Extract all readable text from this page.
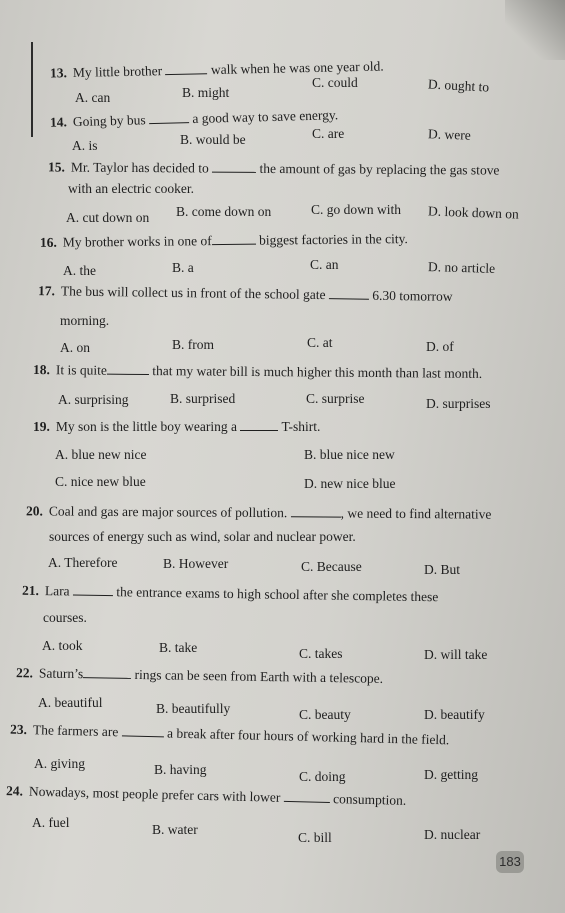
13. My little brother	walk when he was one year old.
A. can	B. might
C. could	D. ought to
14. Going by bus	a good way to save energy.
A. is	B. would be	C. are	D. were
15. Mr. Taylor has decided to	the amount of gas by replacing the gas stove
with an electric cooker.
A. cut down on B. come down on	C. go down with D. look down on
16. My brother works in one of	biggest factories in the city.
A. the	B. a	C. an	D. no article
17. The bus will collect us in front of the school gate	6.30 tomorrow
morning.
A. on	B. from	C. at	D. of
18. It is quite	that my water bill is much higher this month than last month.
A. surprising	B. surprised	C. surprise	D. surprises
19. My son is the little boy wearing a	T-shirt.
A. blue new nice	B. blue nice new
C. nice new blue	D. new nice blue
20. Coal and gas are major sources of pollution.	, we need to find alternative
sources of energy such as wind, solar and nuclear power.
A. Therefore	B. However	C. Because	D. But
21. Lara	the entrance exams to high school after she completes these
courses.
A. took	B. take	C. takes	D. will take
22. Saturn’s	rings can be seen from Earth with a telescope.
A. beautiful	B. beautifully	C. beauty	D. beautify
23. The farmers are	a break after four hours of working hard in the field.
A. giving	B. having	C. doing	D. getting
24. Nowadays, most people prefer cars with lower	consumption.
A. fuel	B. water
C. bill	D. nuclear
183
